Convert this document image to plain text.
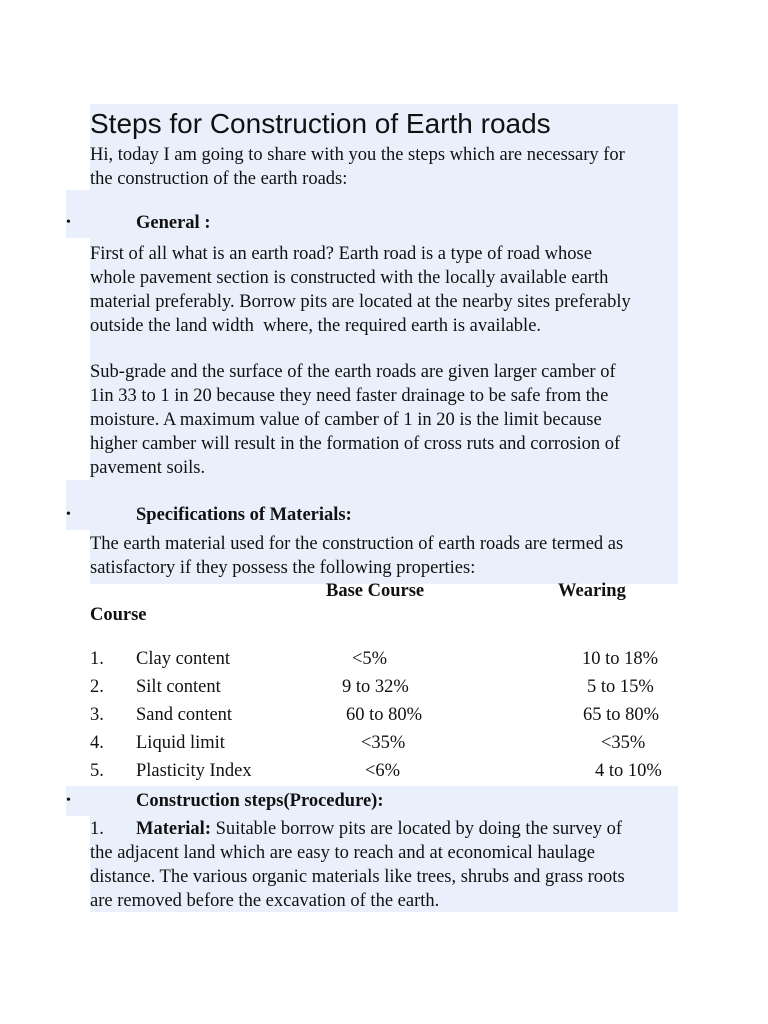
Steps for Construction of Earth roads

Hi, today I am going to share with you the steps which are necessary for

the construction of the earth roads:

•	General :

First of all what is an earth road? Earth road is a type of road whose

whole pavement section is constructed with the locally available earth

material preferably. Borrow pits are located at the nearby sites preferably

outside the land width  where, the required earth is available.

Sub-grade and the surface of the earth roads are given larger camber of

1in 33 to 1 in 20 because they need faster drainage to be safe from the

moisture. A maximum value of camber of 1 in 20 is the limit because

higher camber will result in the formation of cross ruts and corrosion of

pavement soils.

•	Specifications of Materials:

The earth material used for the construction of earth roads are termed as

satisfactory if they possess the following properties:

Base Course	Wearing
Course
1. Clay content	<5%	10 to 18%
2. Silt content	9 to 32%	5 to 15%
3. Sand content	60 to 80%	65 to 80%
4. Liquid limit	<35%	<35%
5. Plasticity Index	<6%	4 to 10%
•	Construction steps(Procedure):
1. Material: Suitable borrow pits are located by doing the survey of

the adjacent land which are easy to reach and at economical haulage

distance. The various organic materials like trees, shrubs and grass roots

are removed before the excavation of the earth.
